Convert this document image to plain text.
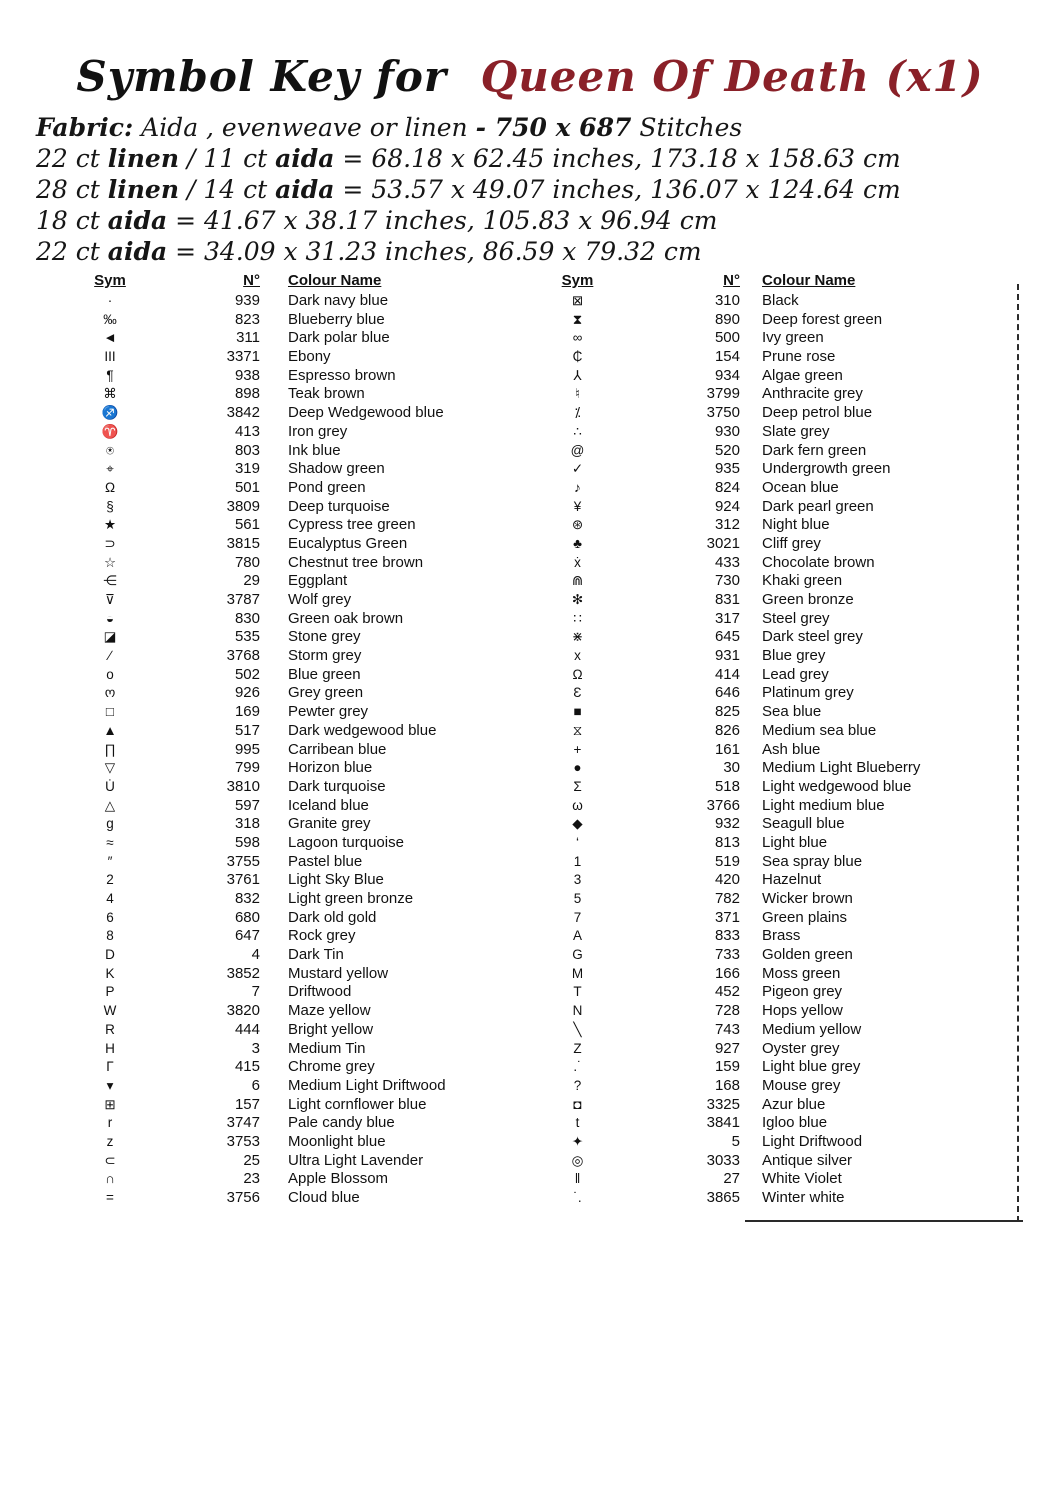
Symbol Key for Queen Of Death (x1)
Fabric: Aida , evenweave or linen - 750 x 687 Stitches
22 ct linen / 11 ct aida = 68.18 x 62.45 inches, 173.18 x 158.63 cm
28 ct linen / 14 ct aida = 53.57 x 49.07 inches, 136.07 x 124.64 cm
18 ct aida = 41.67 x 38.17 inches, 105.83 x 96.94 cm
22 ct aida = 34.09 x 31.23 inches, 86.59 x 79.32 cm
Sym	N°	Colour Name
·	939	Dark navy blue
‰	823	Blueberry blue
◄	311	Dark polar blue
III	3371	Ebony
¶	938	Espresso brown
⌘	898	Teak brown
♐	3842	Deep Wedgewood blue
♈	413	Iron grey
⍟	803	Ink blue
⌖	319	Shadow green
Ω	501	Pond green
§	3809	Deep turquoise
★	561	Cypress tree green
⊃	3815	Eucalyptus Green
☆	780	Chestnut tree brown
⋲	29	Eggplant
⊽	3787	Wolf grey
◒	830	Green oak brown
◪	535	Stone grey
∕	3768	Storm grey
o	502	Blue green
ო	926	Grey green
□	169	Pewter grey
▲	517	Dark wedgewood blue
∏	995	Carribean blue
▽	799	Horizon blue
U̇	3810	Dark turquoise
△	597	Iceland blue
g	318	Granite grey
≈	598	Lagoon turquoise
″	3755	Pastel blue
2	3761	Light Sky Blue
4	832	Light green bronze
6	680	Dark old gold
8	647	Rock grey
D	4	Dark Tin
K	3852	Mustard yellow
P	7	Driftwood
W	3820	Maze yellow
R	444	Bright yellow
H	3	Medium Tin
Γ	415	Chrome grey
▾	6	Medium Light Driftwood
⊞	157	Light cornflower blue
r	3747	Pale candy blue
z	3753	Moonlight blue
⊂	25	Ultra Light Lavender
∩	23	Apple Blossom
=	3756	Cloud blue
Sym	N°	Colour Name
⊠	310	Black
⧗	890	Deep forest green
∞	500	Ivy green
₵	154	Prune rose
⅄	934	Algae green
♮	3799	Anthracite grey
⁒	3750	Deep petrol blue
∴	930	Slate grey
@	520	Dark fern green
✓	935	Undergrowth green
♪	824	Ocean blue
¥	924	Dark pearl green
⊛	312	Night blue
♣	3021	Cliff grey
ẋ	433	Chocolate brown
⋒	730	Khaki green
✻	831	Green bronze
∷	317	Steel grey
⋇	645	Dark steel grey
x	931	Blue grey
Ω	414	Lead grey
Ɛ	646	Platinum grey
■	825	Sea blue
⧖	826	Medium sea blue
+	161	Ash blue
●	30	Medium Light Blueberry
Σ	518	Light wedgewood blue
ω	3766	Light medium blue
◆	932	Seagull blue
‘	813	Light blue
1	519	Sea spray blue
3	420	Hazelnut
5	782	Wicker brown
7	371	Green plains
A	833	Brass
G	733	Golden green
M	166	Moss green
T	452	Pigeon grey
N	728	Hops yellow
╲	743	Medium yellow
Z	927	Oyster grey
.˙	159	Light blue grey
?	168	Mouse grey
◘	3325	Azur blue
t	3841	Igloo blue
✦	5	Light Driftwood
◎	3033	Antique silver
‖	27	White Violet
˙.	3865	Winter white
